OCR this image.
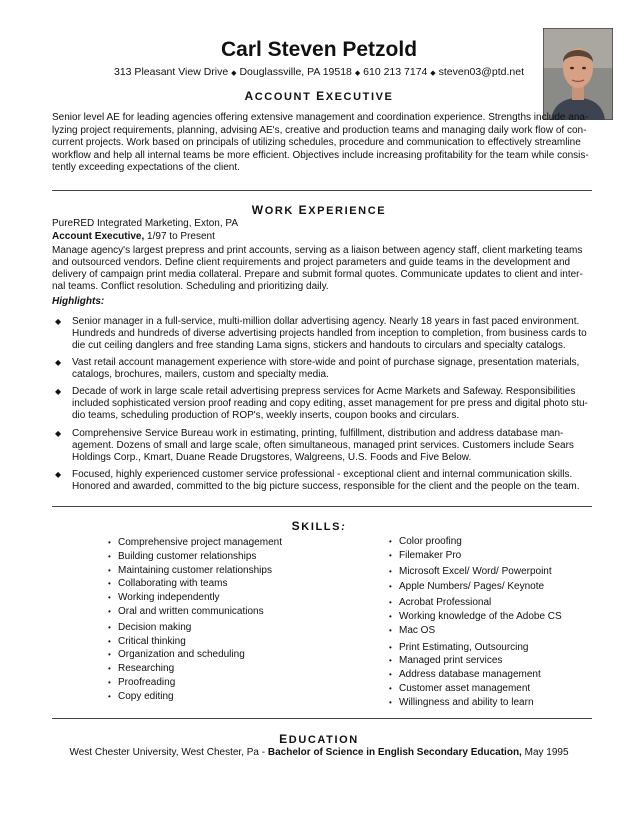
Carl Steven Petzold
313 Pleasant View Drive ◆ Douglassville, PA 19518 ◆ 610 213 7174 ◆ steven03@ptd.net
ACCOUNT EXECUTIVE
Senior level AE for leading agencies offering extensive management and coordination experience. Strengths include ana-
lyzing project requirements, planning, advising AE's, creative and production teams and managing daily work flow of con-
current projects. Work based on principals of utilizing schedules, procedure and communication to effectively streamline
workflow and help all internal teams be more efficient. Objectives include increasing profitability for the team while consis-
tently exceeding expectations of the client.
WORK EXPERIENCE
PureRED Integrated Marketing, Exton, PA
Account Executive, 1/97 to Present
Manage agency's largest prepress and print accounts, serving as a liaison between agency staff, client marketing teams
and outsourced vendors. Define client requirements and project parameters and guide teams in the development and
delivery of campaign print media collateral. Prepare and submit formal quotes. Communicate updates to client and inter-
nal teams. Conflict resolution. Scheduling and prioritizing daily.
Highlights:
◆ Senior manager in a full-service, multi-million dollar advertising agency. Nearly 18 years in fast paced environment.
Hundreds and hundreds of diverse advertising projects handled from inception to completion, from business cards to
die cut ceiling danglers and free standing Lama signs, stickers and handouts to circulars and specialty catalogs.
◆ Vast retail account management experience with store-wide and point of purchase signage, presentation materials,
catalogs, brochures, mailers, custom and specialty media.
◆ Decade of work in large scale retail advertising prepress services for Acme Markets and Safeway. Responsibilities
included sophisticated version proof reading and copy editing, asset management for pre press and digital photo stu-
dio teams, scheduling production of ROP's, weekly inserts, coupon books and circulars.
◆ Comprehensive Service Bureau work in estimating, printing, fulfillment, distribution and address database man-
agement. Dozens of small and large scale, often simultaneous, managed print services. Customers include Sears
Holdings Corp., Kmart, Duane Reade Drugstores, Walgreens, U.S. Foods and Five Below.
◆ Focused, highly experienced customer service professional - exceptional client and internal communication skills.
Honored and awarded, committed to the big picture success, responsible for the client and the people on the team.
SKILLS:
• Comprehensive project management
• Building customer relationships
• Maintaining customer relationships
• Collaborating with teams
• Working independently
• Oral and written communications
• Decision making
• Critical thinking
• Organization and scheduling
• Researching
• Proofreading
• Copy editing
• Color proofing
• Filemaker Pro
• Microsoft Excel/ Word/ Powerpoint
• Apple Numbers/ Pages/ Keynote
• Acrobat Professional
• Working knowledge of the Adobe CS
• Mac OS
• Print Estimating, Outsourcing
• Managed print services
• Address database management
• Customer asset management
• Willingness and ability to learn
EDUCATION
West Chester University, West Chester, Pa - Bachelor of Science in English Secondary Education, May 1995
